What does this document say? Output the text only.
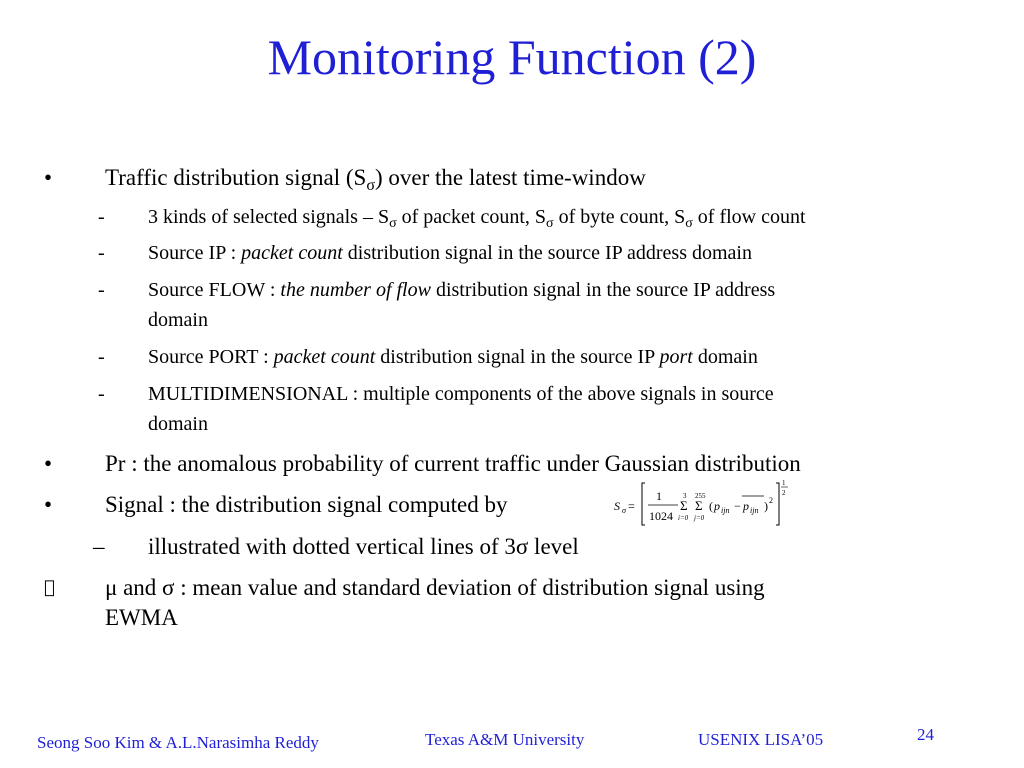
Monitoring Function (2)
• Traffic distribution signal $(S_\sigma)$ over the latest time-window
- 3 kinds of selected signals – $S_\sigma$ of packet count, $S_\sigma$ of byte count, $S_\sigma$ of flow count
- Source IP : packet count distribution signal in the source IP address domain
- Source FLOW : the number of flow distribution signal in the source IP address
domain
- Source PORT : packet count distribution signal in the source IP port domain
- MULTIDIMENSIONAL : multiple components of the above signals in source
domain
• Pr : the anomalous probability of current traffic under Gaussian distribution
• Signal : the distribution signal computed by	S σ =
1
1024
3
Σ
i=0
255
Σ
j=0
( p ijn − p ijn ) 2
1
2
– illustrated with dotted vertical lines of 3σ level
μ and σ : mean value and standard deviation of distribution signal using
EWMA
Seong Soo Kim & A.L.Narasimha Reddy	Texas A&M University	USENIX LISA’05	24
